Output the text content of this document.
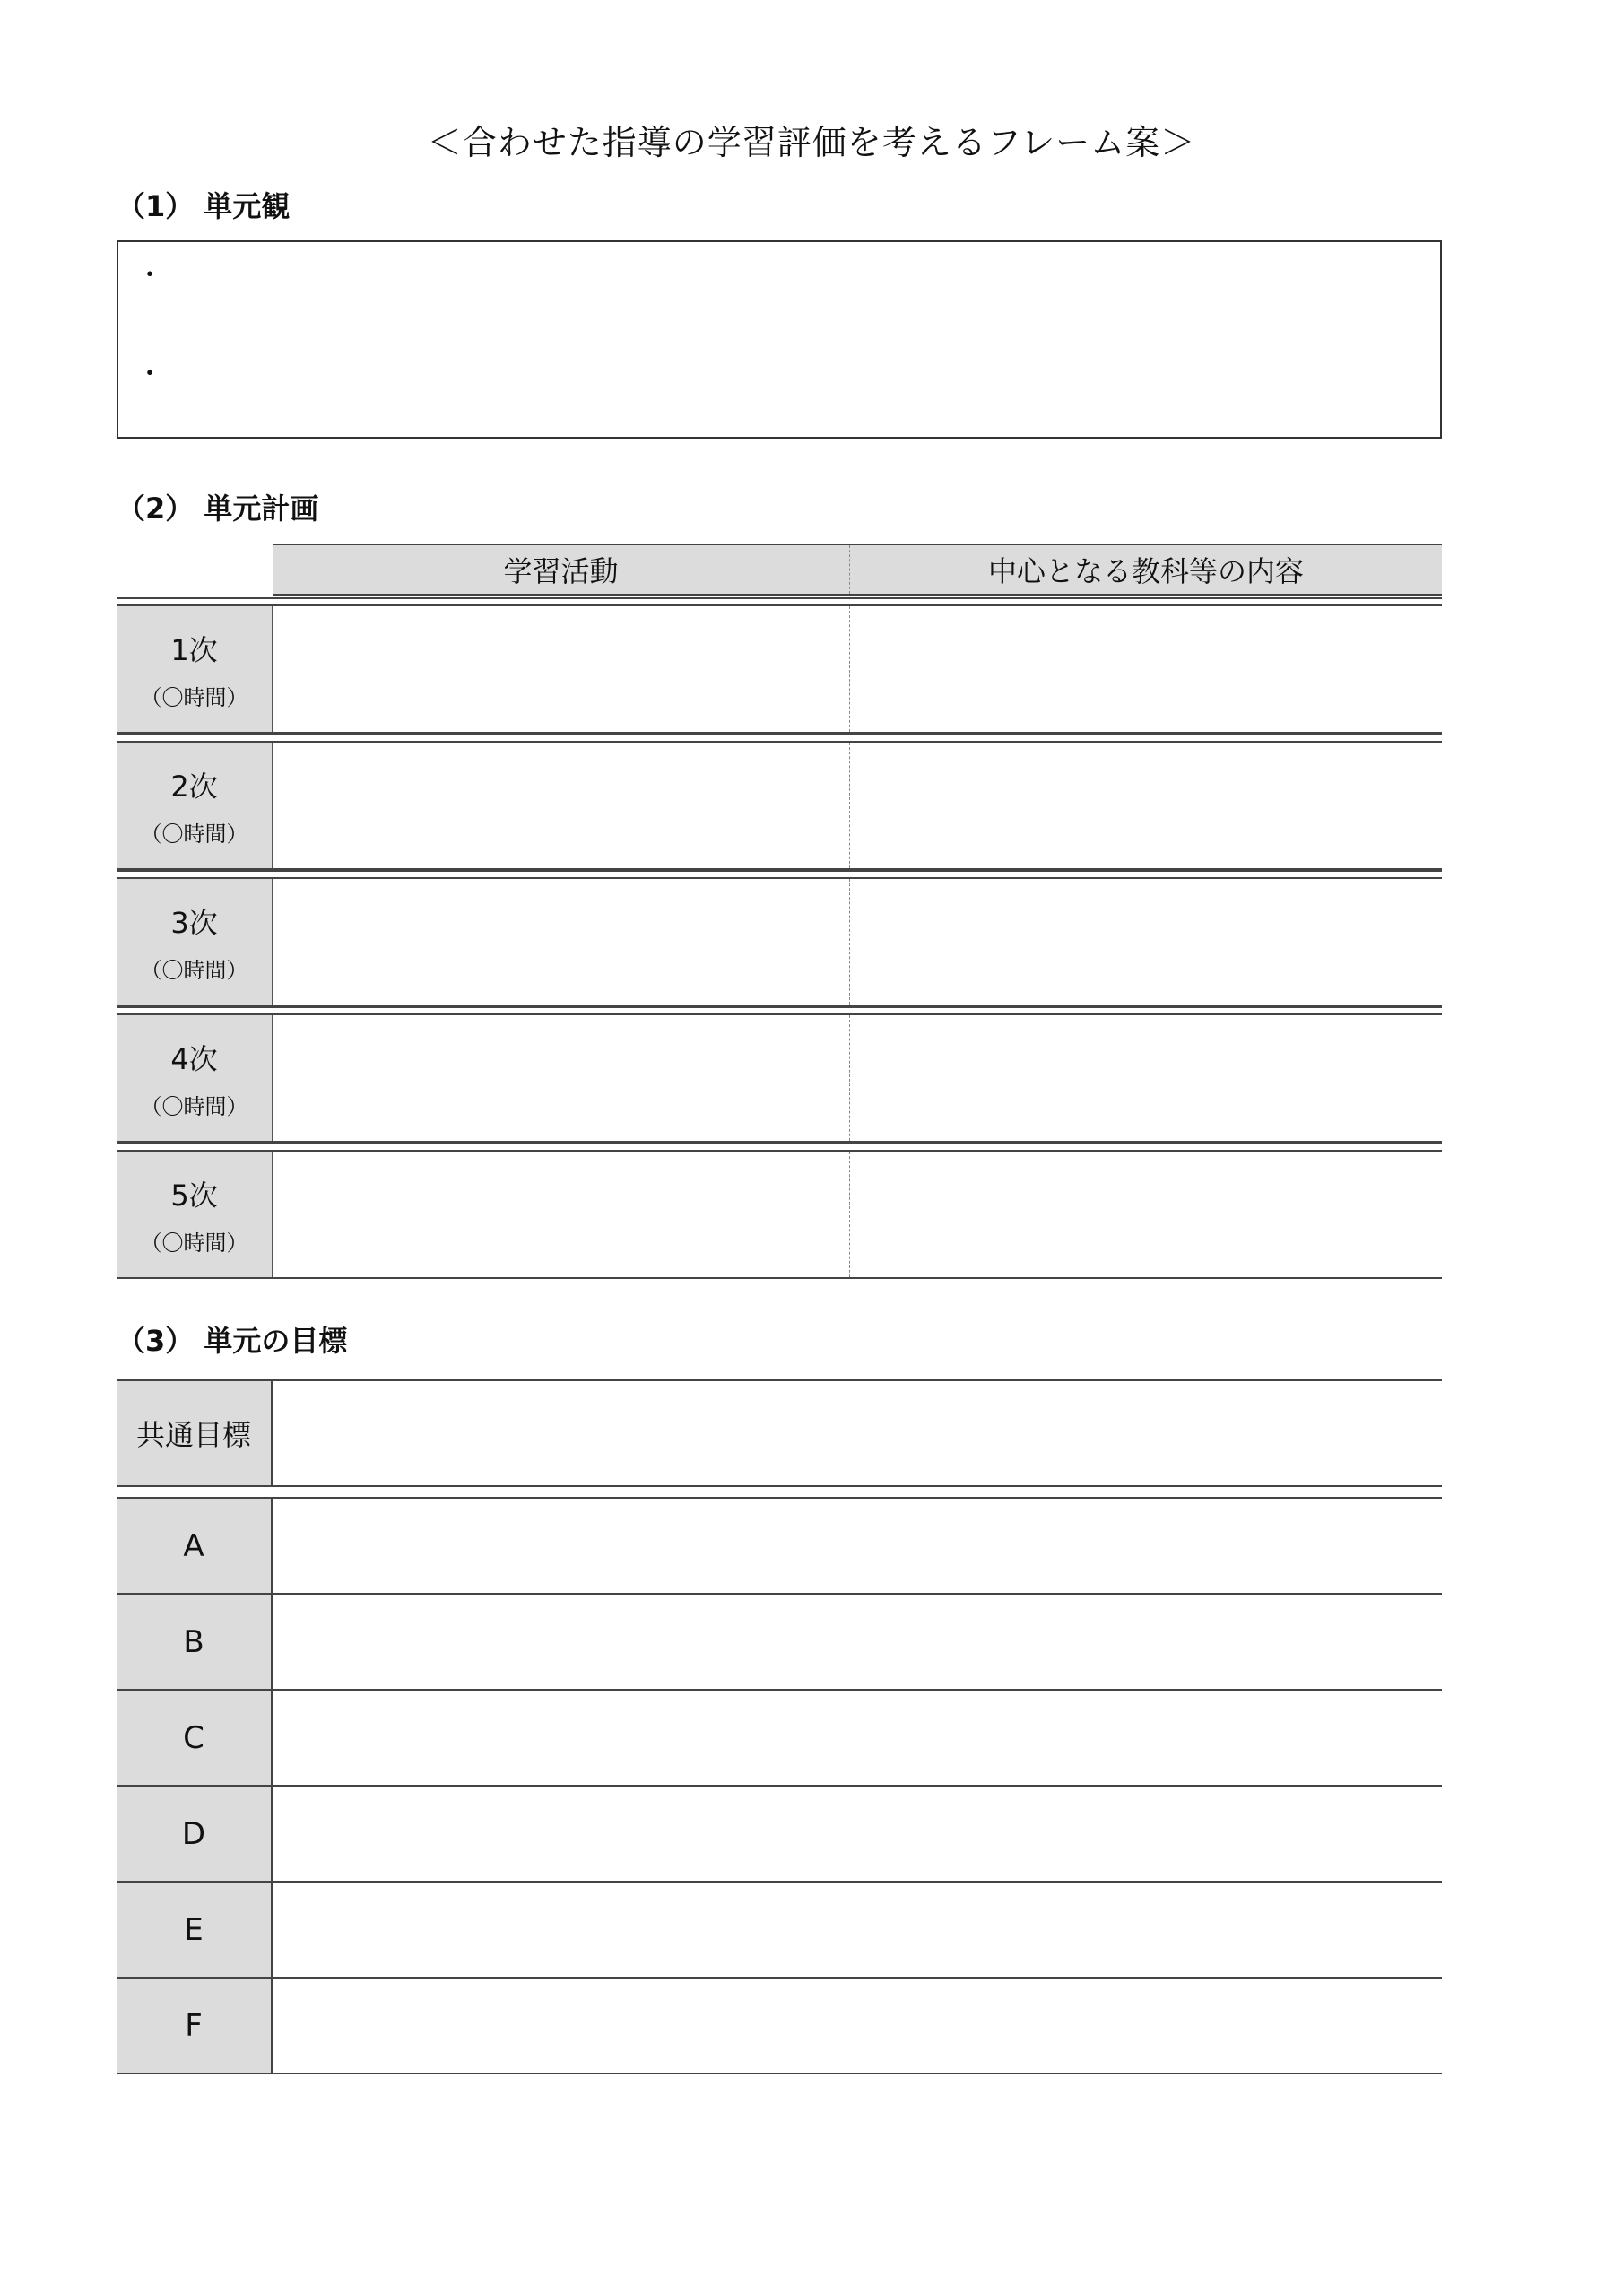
＜合わせた指導の学習評価を考えるフレーム案＞
（1） 単元観
・
・
（2） 単元計画
学習活動	中心となる教科等の内容
1次
（〇時間）
2次
（〇時間）
3次
（〇時間）
4次
（〇時間）
5次
（〇時間）
（3） 単元の目標
共通目標
A
B
C
D
E
F
